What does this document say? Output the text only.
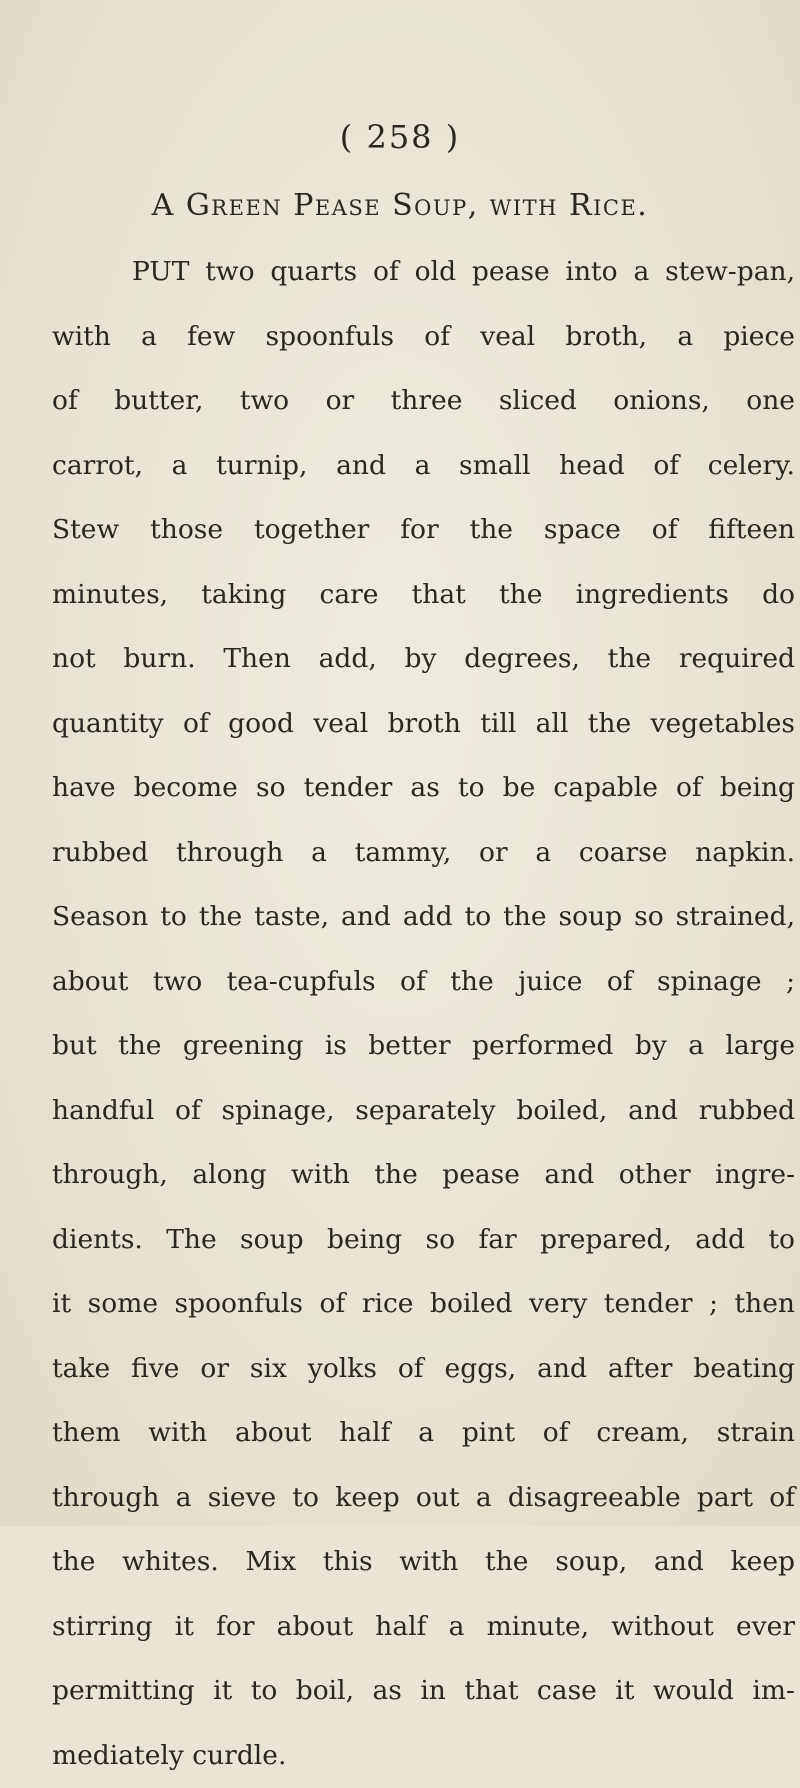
( 258 )
A Green Pease Soup, with Rice.
PUT two quarts of old pease into a stew-pan,
with a few spoonfuls of veal broth, a piece
of butter, two or three sliced onions, one
carrot, a turnip, and a small head of celery.
Stew those together for the space of fifteen
minutes, taking care that the ingredients do
not burn. Then add, by degrees, the required
quantity of good veal broth till all the vegetables
have become so tender as to be capable of being
rubbed through a tammy, or a coarse napkin.
Season to the taste, and add to the soup so strained,
about two tea-cupfuls of the juice of spinage ;
but the greening is better performed by a large
handful of spinage, separately boiled, and rubbed
through, along with the pease and other ingre-
dients. The soup being so far prepared, add to
it some spoonfuls of rice boiled very tender ; then
take five or six yolks of eggs, and after beating
them with about half a pint of cream, strain
through a sieve to keep out a disagreeable part of
the whites. Mix this with the soup, and keep
stirring it for about half a minute, without ever
permitting it to boil, as in that case it would im-
mediately curdle.
